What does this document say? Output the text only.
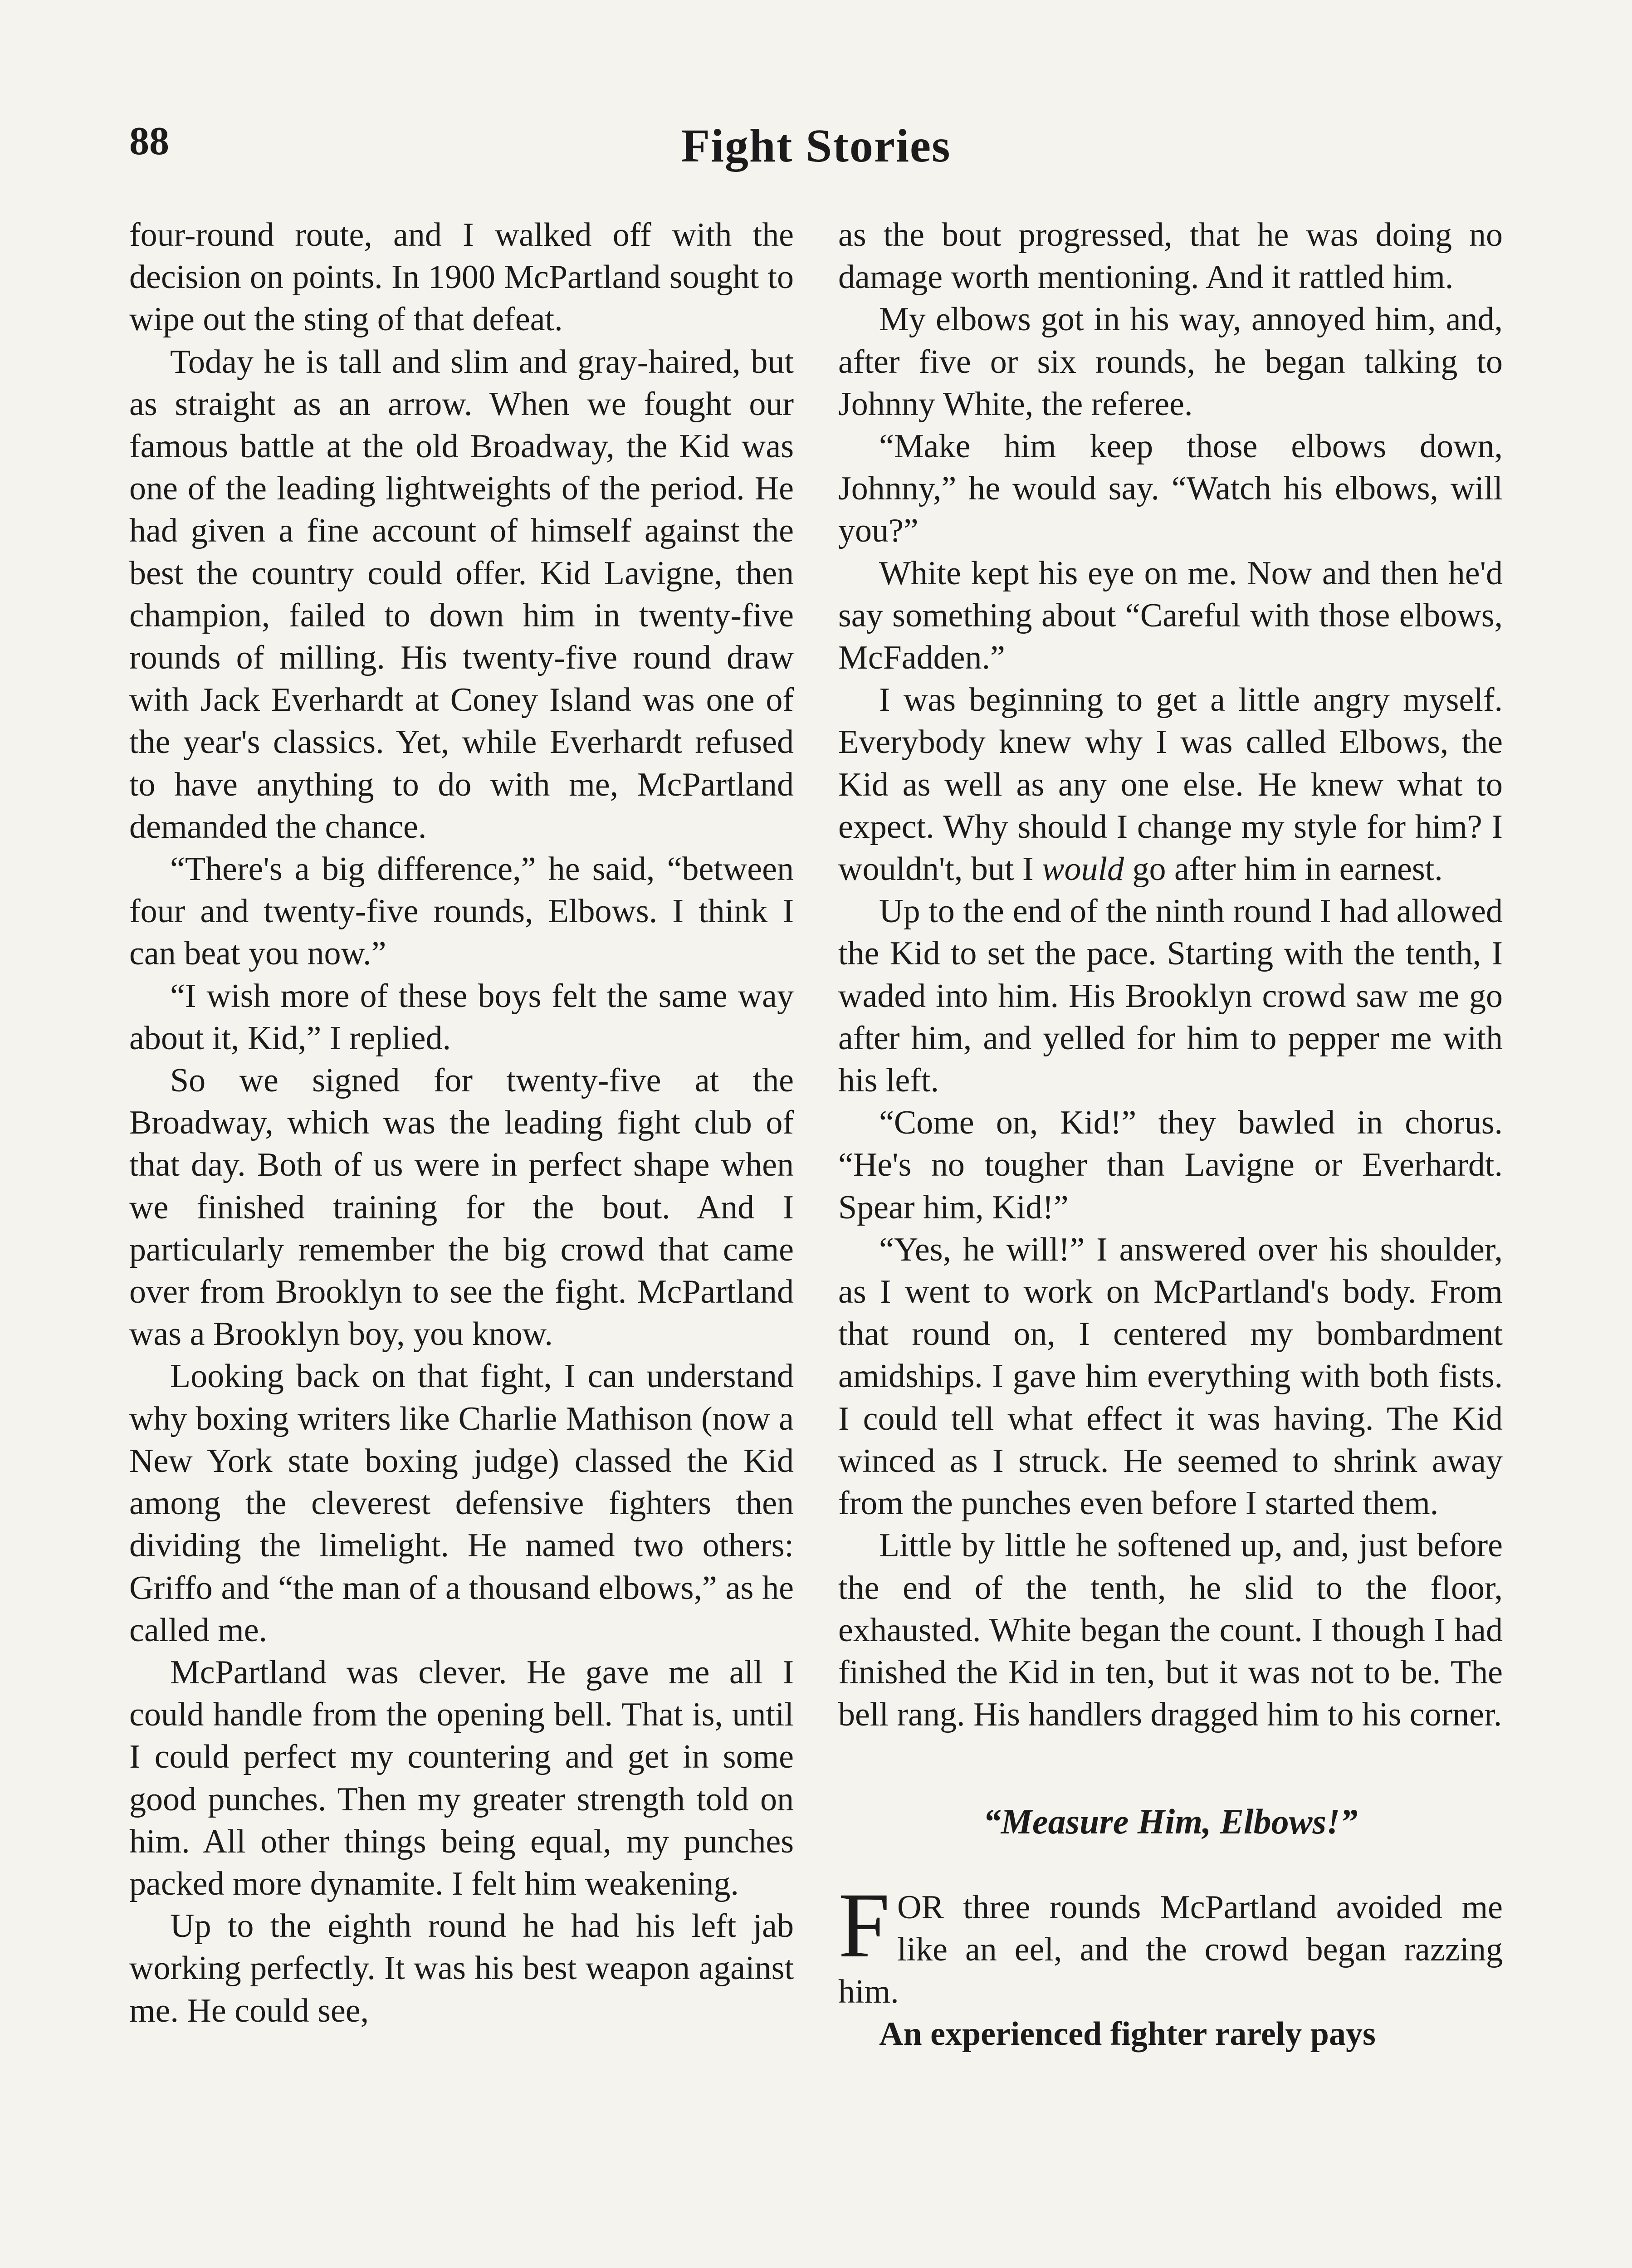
88	Fight Stories

four-round route, and I walked off with the decision on points. In 1900 McPartland sought to wipe out the sting of that defeat.

Today he is tall and slim and gray-haired, but as straight as an arrow. When we fought our famous battle at the old Broadway, the Kid was one of the leading lightweights of the period. He had given a fine account of himself against the best the country could offer. Kid Lavigne, then champion, failed to down him in twenty-five rounds of milling. His twenty-five round draw with Jack Everhardt at Coney Island was one of the year's classics. Yet, while Everhardt refused to have anything to do with me, McPartland demanded the chance.

“There's a big difference,” he said, “between four and twenty-five rounds, Elbows. I think I can beat you now.”

“I wish more of these boys felt the same way about it, Kid,” I replied.

So we signed for twenty-five at the Broadway, which was the leading fight club of that day. Both of us were in perfect shape when we finished training for the bout. And I particularly remember the big crowd that came over from Brooklyn to see the fight. McPartland was a Brooklyn boy, you know.

Looking back on that fight, I can understand why boxing writers like Charlie Mathison (now a New York state boxing judge) classed the Kid among the cleverest defensive fighters then dividing the limelight. He named two others: Griffo and “the man of a thousand elbows,” as he called me.

McPartland was clever. He gave me all I could handle from the opening bell. That is, until I could perfect my countering and get in some good punches. Then my greater strength told on him. All other things being equal, my punches packed more dynamite. I felt him weakening.

Up to the eighth round he had his left jab working perfectly. It was his best weapon against me. He could see,

as the bout progressed, that he was doing no damage worth mentioning. And it rattled him.

My elbows got in his way, annoyed him, and, after five or six rounds, he began talking to Johnny White, the referee.

“Make him keep those elbows down, Johnny,” he would say. “Watch his elbows, will you?”

White kept his eye on me. Now and then he'd say something about “Careful with those elbows, McFadden.”

I was beginning to get a little angry myself. Everybody knew why I was called Elbows, the Kid as well as any one else. He knew what to expect. Why should I change my style for him? I wouldn't, but I would go after him in earnest.

Up to the end of the ninth round I had allowed the Kid to set the pace. Starting with the tenth, I waded into him. His Brooklyn crowd saw me go after him, and yelled for him to pepper me with his left.

“Come on, Kid!” they bawled in chorus. “He's no tougher than Lavigne or Everhardt. Spear him, Kid!”

“Yes, he will!” I answered over his shoulder, as I went to work on McPartland's body. From that round on, I centered my bombardment amidships. I gave him everything with both fists. I could tell what effect it was having. The Kid winced as I struck. He seemed to shrink away from the punches even before I started them.

Little by little he softened up, and, just before the end of the tenth, he slid to the floor, exhausted. White began the count. I though I had finished the Kid in ten, but it was not to be. The bell rang. His handlers dragged him to his corner.

“Measure Him, Elbows!”

FOR three rounds McPartland avoided me like an eel, and the crowd began razzing him.

An experienced fighter rarely pays
